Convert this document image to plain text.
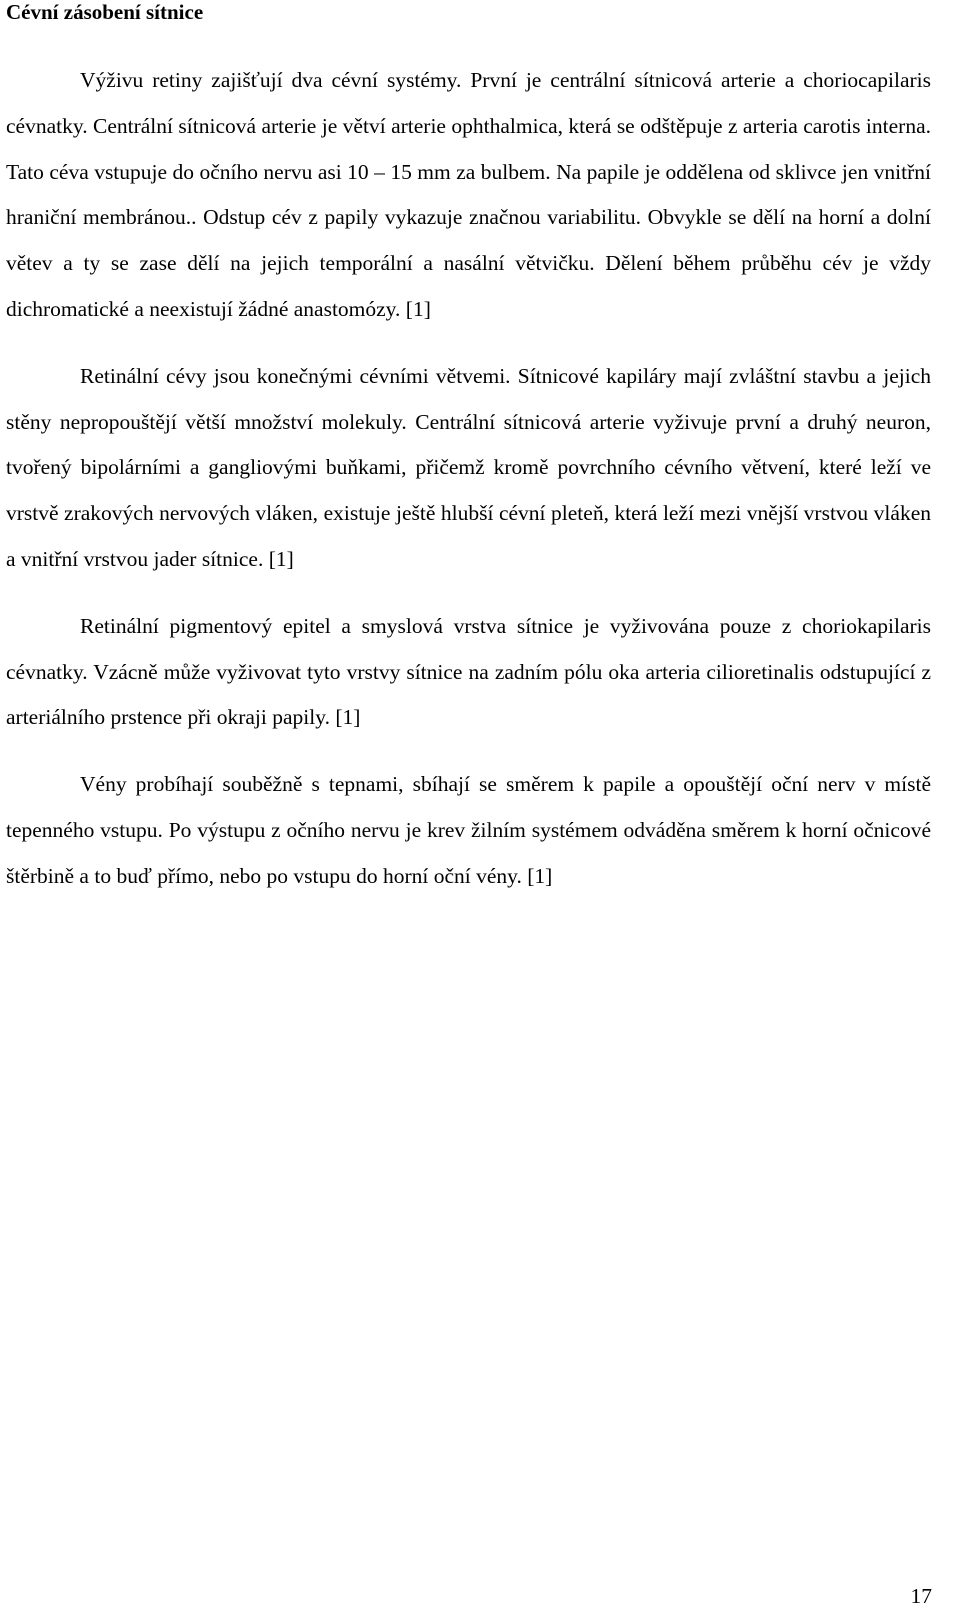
Cévní zásobení sítnice

Výživu retiny zajišťují dva cévní systémy. První je centrální sítnicová arterie a choriocapilaris cévnatky. Centrální sítnicová arterie je větví arterie ophthalmica, která se odštěpuje z arteria carotis interna. Tato céva vstupuje do očního nervu asi 10 – 15 mm za bulbem. Na papile je oddělena od sklivce jen vnitřní hraniční membránou.. Odstup cév z papily vykazuje značnou variabilitu. Obvykle se dělí na horní a dolní větev a ty se zase dělí na jejich temporální a nasální větvičku. Dělení během průběhu cév je vždy dichromatické a neexistují žádné anastomózy. [1]

Retinální cévy jsou konečnými cévními větvemi. Sítnicové kapiláry mají zvláštní stavbu a jejich stěny nepropouštějí větší množství molekuly. Centrální sítnicová arterie vyživuje první a druhý neuron, tvořený bipolárními a gangliovými buňkami, přičemž kromě povrchního cévního větvení, které leží ve vrstvě zrakových nervových vláken, existuje ještě hlubší cévní pleteň, která leží mezi vnější vrstvou vláken a vnitřní vrstvou jader sítnice. [1]

Retinální pigmentový epitel a smyslová vrstva sítnice je vyživována pouze z choriokapilaris cévnatky. Vzácně může vyživovat tyto vrstvy sítnice na zadním pólu oka arteria cilioretinalis odstupující z arteriálního prstence při okraji papily. [1]

Vény probíhají souběžně s tepnami, sbíhají se směrem k papile a opouštějí oční nerv v místě tepenného vstupu. Po výstupu z očního nervu je krev žilním systémem odváděna směrem k horní očnicové štěrbině a to buď přímo, nebo po vstupu do horní oční vény. [1]

17
